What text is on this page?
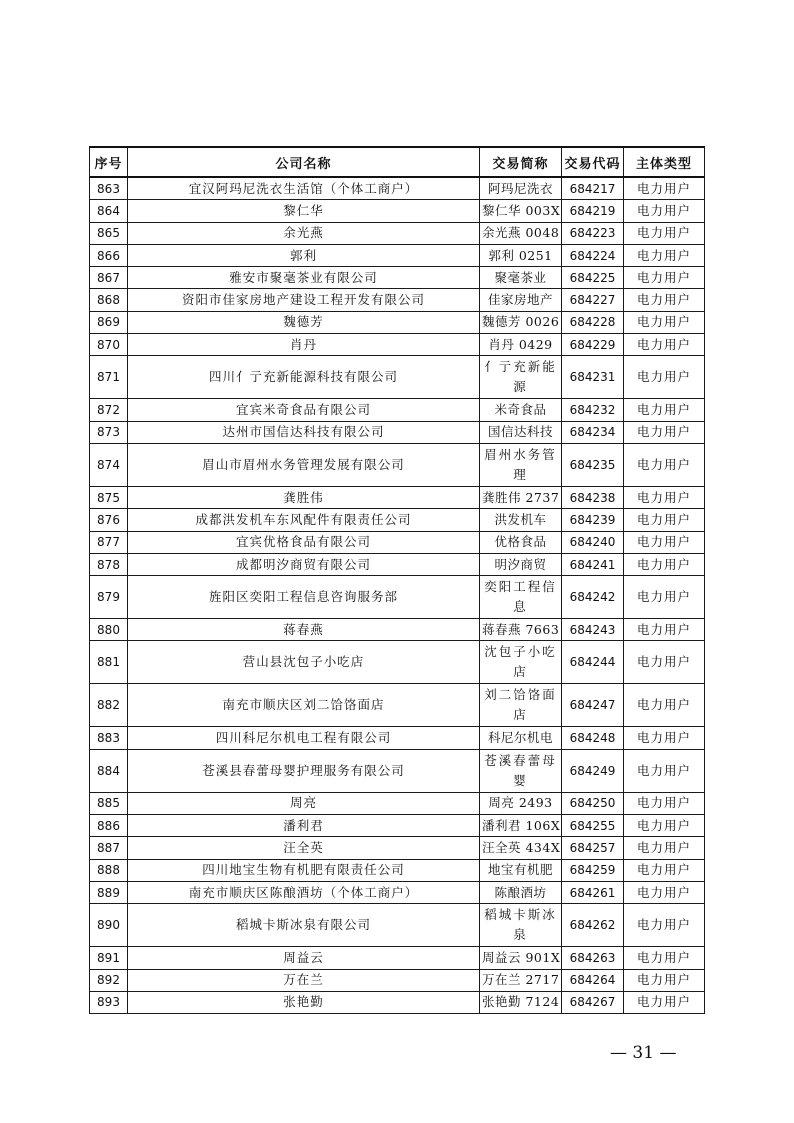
序号	公司名称	交易简称	交易代码	主体类型
863	宜汉阿玛尼洗衣生活馆（个体工商户）	阿玛尼洗衣	684217	电力用户
864	黎仁华	黎仁华 003X	684219	电力用户
865	余光燕	余光燕 0048	684223	电力用户
866	郭利	郭利 0251	684224	电力用户
867	雅安市聚毫茶业有限公司	聚毫茶业	684225	电力用户
868	资阳市佳家房地产建设工程开发有限公司	佳家房地产	684227	电力用户
869	魏德芳	魏德芳 0026	684228	电力用户
870	肖丹	肖丹 0429	684229	电力用户
871	四川亻亍充新能源科技有限公司	亻亍充新能源	684231	电力用户
872	宜宾米奇食品有限公司	米奇食品	684232	电力用户
873	达州市国信达科技有限公司	国信达科技	684234	电力用户
874	眉山市眉州水务管理发展有限公司	眉州水务管理	684235	电力用户
875	龚胜伟	龚胜伟 2737	684238	电力用户
876	成都洪发机车东风配件有限责任公司	洪发机车	684239	电力用户
877	宜宾优格食品有限公司	优格食品	684240	电力用户
878	成都明汐商贸有限公司	明汐商贸	684241	电力用户
879	旌阳区奕阳工程信息咨询服务部	奕阳工程信息	684242	电力用户
880	蒋春燕	蒋春燕 7663	684243	电力用户
881	营山县沈包子小吃店	沈包子小吃店	684244	电力用户
882	南充市顺庆区刘二饸饹面店	刘二饸饹面店	684247	电力用户
883	四川科尼尔机电工程有限公司	科尼尔机电	684248	电力用户
884	苍溪县春蕾母婴护理服务有限公司	苍溪春蕾母婴	684249	电力用户
885	周亮	周亮 2493	684250	电力用户
886	潘利君	潘利君 106X	684255	电力用户
887	汪全英	汪全英 434X	684257	电力用户
888	四川地宝生物有机肥有限责任公司	地宝有机肥	684259	电力用户
889	南充市顺庆区陈酿酒坊（个体工商户）	陈酿酒坊	684261	电力用户
890	稻城卡斯冰泉有限公司	稻城卡斯冰泉	684262	电力用户
891	周益云	周益云 901X	684263	电力用户
892	万在兰	万在兰 2717	684264	电力用户
893	张艳勤	张艳勤 7124	684267	电力用户
— 31 —
